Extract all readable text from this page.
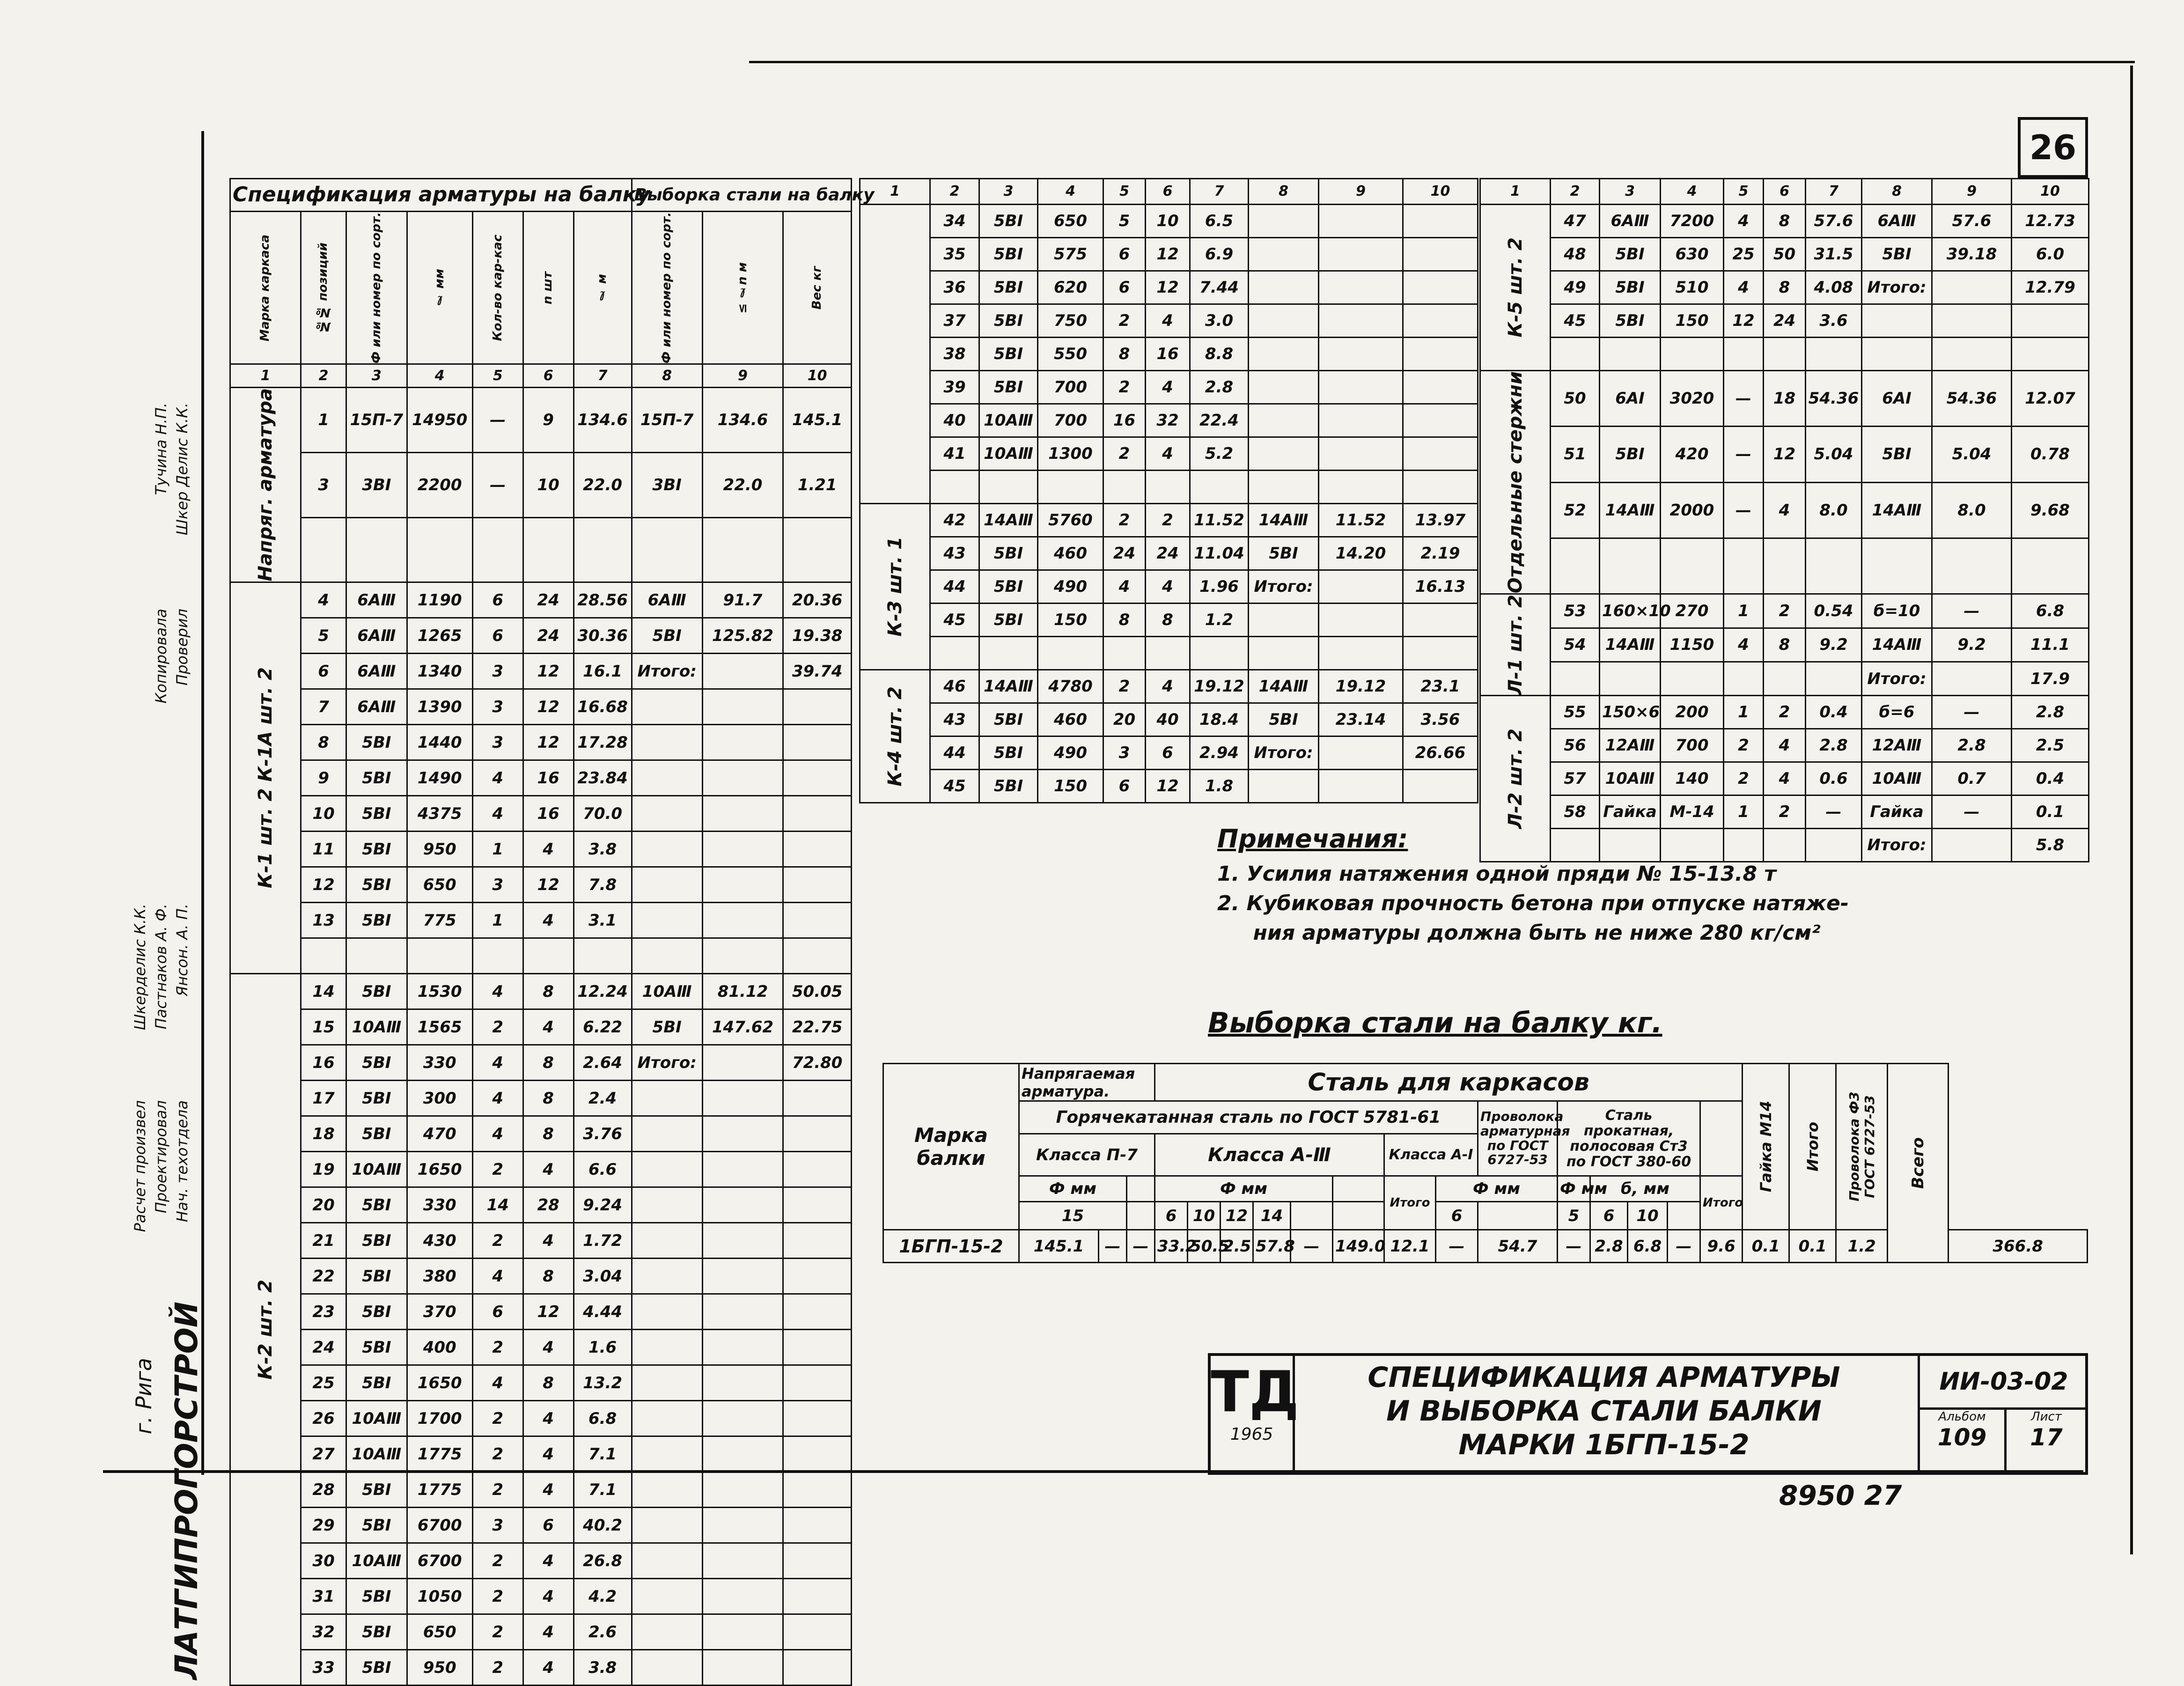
26
ЛАТГИПРОГОРСТРОЙ
г. Рига
Нач. техотдела
Проектировал
Расчет произвел
Янсон. А. П.
Пастнаков А. Ф.
Шкерделис К.К.
Шкер Делис К.К.
Тучина Н.П.
Проверил
Копировала
Спецификация арматуры на балку							Выборка стали на балку		

Марка каркаса	№№ позиций	Ф или номер по сорт.	ℓ мм	Кол-во кар-кас	n шт	ℓ м	Ф или номер по сорт.	≤ ℓn м	Вес кг

1	2	3	4	5	6	7	8	9	10

Напряг. арматура	1	15П-7	14950	—	9	134.6	15П-7	134.6	145.1
	3	3BI	2200	—	10	22.0	3BI	22.0	1.21

К-1 шт. 2 К-1А шт. 2	4	6AⅢ	1190	6	24	28.56	6AⅢ	91.7	20.36
	5	6AⅢ	1265	6	24	30.36	5BI	125.82	19.38
	6	6AⅢ	1340	3	12	16.1	Итого:		39.74
	7	6AⅢ	1390	3	12	16.68			
	8	5BI	1440	3	12	17.28			
	9	5BI	1490	4	16	23.84			
	10	5BI	4375	4	16	70.0			
	11	5BI	950	1	4	3.8			
	12	5BI	650	3	12	7.8			
	13	5BI	775	1	4	3.1			

К-2 шт. 2	14	5BI	1530	4	8	12.24	10AⅢ	81.12	50.05
	15	10AⅢ	1565	2	4	6.22	5BI	147.62	22.75
	16	5BI	330	4	8	2.64	Итого:		72.80
	17	5BI	300	4	8	2.4			
	18	5BI	470	4	8	3.76			
	19	10AⅢ	1650	2	4	6.6			
	20	5BI	330	14	28	9.24			
	21	5BI	430	2	4	1.72			
	22	5BI	380	4	8	3.04			
	23	5BI	370	6	12	4.44			
	24	5BI	400	2	4	1.6			
	25	5BI	1650	4	8	13.2			
	26	10AⅢ	1700	2	4	6.8			
	27	10AⅢ	1775	2	4	7.1			
	28	5BI	1775	2	4	7.1			
	29	5BI	6700	3	6	40.2			
	30	10AⅢ	6700	2	4	26.8			
	31	5BI	1050	2	4	4.2			
	32	5BI	650	2	4	2.6			
	33	5BI	950	2	4	3.8			
1	2	3	4	5	6	7	8	9	10

	34	5BI	650	5	10	6.5			
	35	5BI	575	6	12	6.9			
	36	5BI	620	6	12	7.44			
	37	5BI	750	2	4	3.0			
	38	5BI	550	8	16	8.8			
	39	5BI	700	2	4	2.8			
	40	10AⅢ	700	16	32	22.4			
	41	10AⅢ	1300	2	4	5.2			

К-3 шт. 1	42	14AⅢ	5760	2	2	11.52	14AⅢ	11.52	13.97
	43	5BI	460	24	24	11.04	5BI	14.20	2.19
	44	5BI	490	4	4	1.96	Итого:		16.13
	45	5BI	150	8	8	1.2			

К-4 шт. 2	46	14AⅢ	4780	2	4	19.12	14AⅢ	19.12	23.1
	43	5BI	460	20	40	18.4	5BI	23.14	3.56
	44	5BI	490	3	6	2.94	Итого:		26.66
	45	5BI	150	6	12	1.8			
1	2	3	4	5	6	7	8	9	10

К-5 шт. 2	47	6AⅢ	7200	4	8	57.6	6AⅢ	57.6	12.73
	48	5BI	630	25	50	31.5	5BI	39.18	6.0
	49	5BI	510	4	8	4.08	Итого:		12.79
	45	5BI	150	12	24	3.6			

Отдельные стержни	50	6AI	3020	—	18	54.36	6AI	54.36	12.07
	51	5BI	420	—	12	5.04	5BI	5.04	0.78
	52	14AⅢ	2000	—	4	8.0	14AⅢ	8.0	9.68

Л-1 шт. 2	53	160×10	270	1	2	0.54	б=10	—	6.8
	54	14AⅢ	1150	4	8	9.2	14AⅢ	9.2	11.1
							Итого:		17.9

Л-2 шт. 2	55	150×6	200	1	2	0.4	б=6	—	2.8
	56	12AⅢ	700	2	4	2.8	12AⅢ	2.8	2.5
	57	10AⅢ	140	2	4	0.6	10AⅢ	0.7	0.4
	58	Гайка	М-14	1	2	—	Гайка	—	0.1
							Итого:		5.8
Примечания:
1. Усилия натяжения одной пряди № 15-13.8 т
2. Кубиковая прочность бетона при отпуске натяже-
ния арматуры должна быть не ниже 280 кг/см²
Выборка стали на балку кг.
Марка балки	Напрягаемая арматура.			Сталь для каркасов														Гайка М14	Итого	Проволока Ф3 ГОСТ 6727-53	Всего	

	Горячекатанная сталь по ГОСТ 5781-61											Проволока арматурная по ГОСТ 6727-53	Сталь прокатная, полосовая Ст3 по ГОСТ 380-60									
	Класса П-7			Класса А-Ⅲ						Класса А-I												
	Ф мм			Ф мм						Итого	Ф мм		Ф мм	б, мм			Итого					
	15			6	10	12	14				6		5	6	10							
1БГП-15-2	145.1	—	—	33.2	50.5	2.5	57.8	—	149.0	12.1	—	54.7	—	2.8	6.8	—	9.6	0.1	0.1	1.2		366.8
ТД
1965
СПЕЦИФИКАЦИЯ АРМАТУРЫ
И ВЫБОРКА СТАЛИ БАЛКИ
МАРКИ 1БГП-15-2
ИИ-03-02
Альбом
109
Лист
17
8950 27
